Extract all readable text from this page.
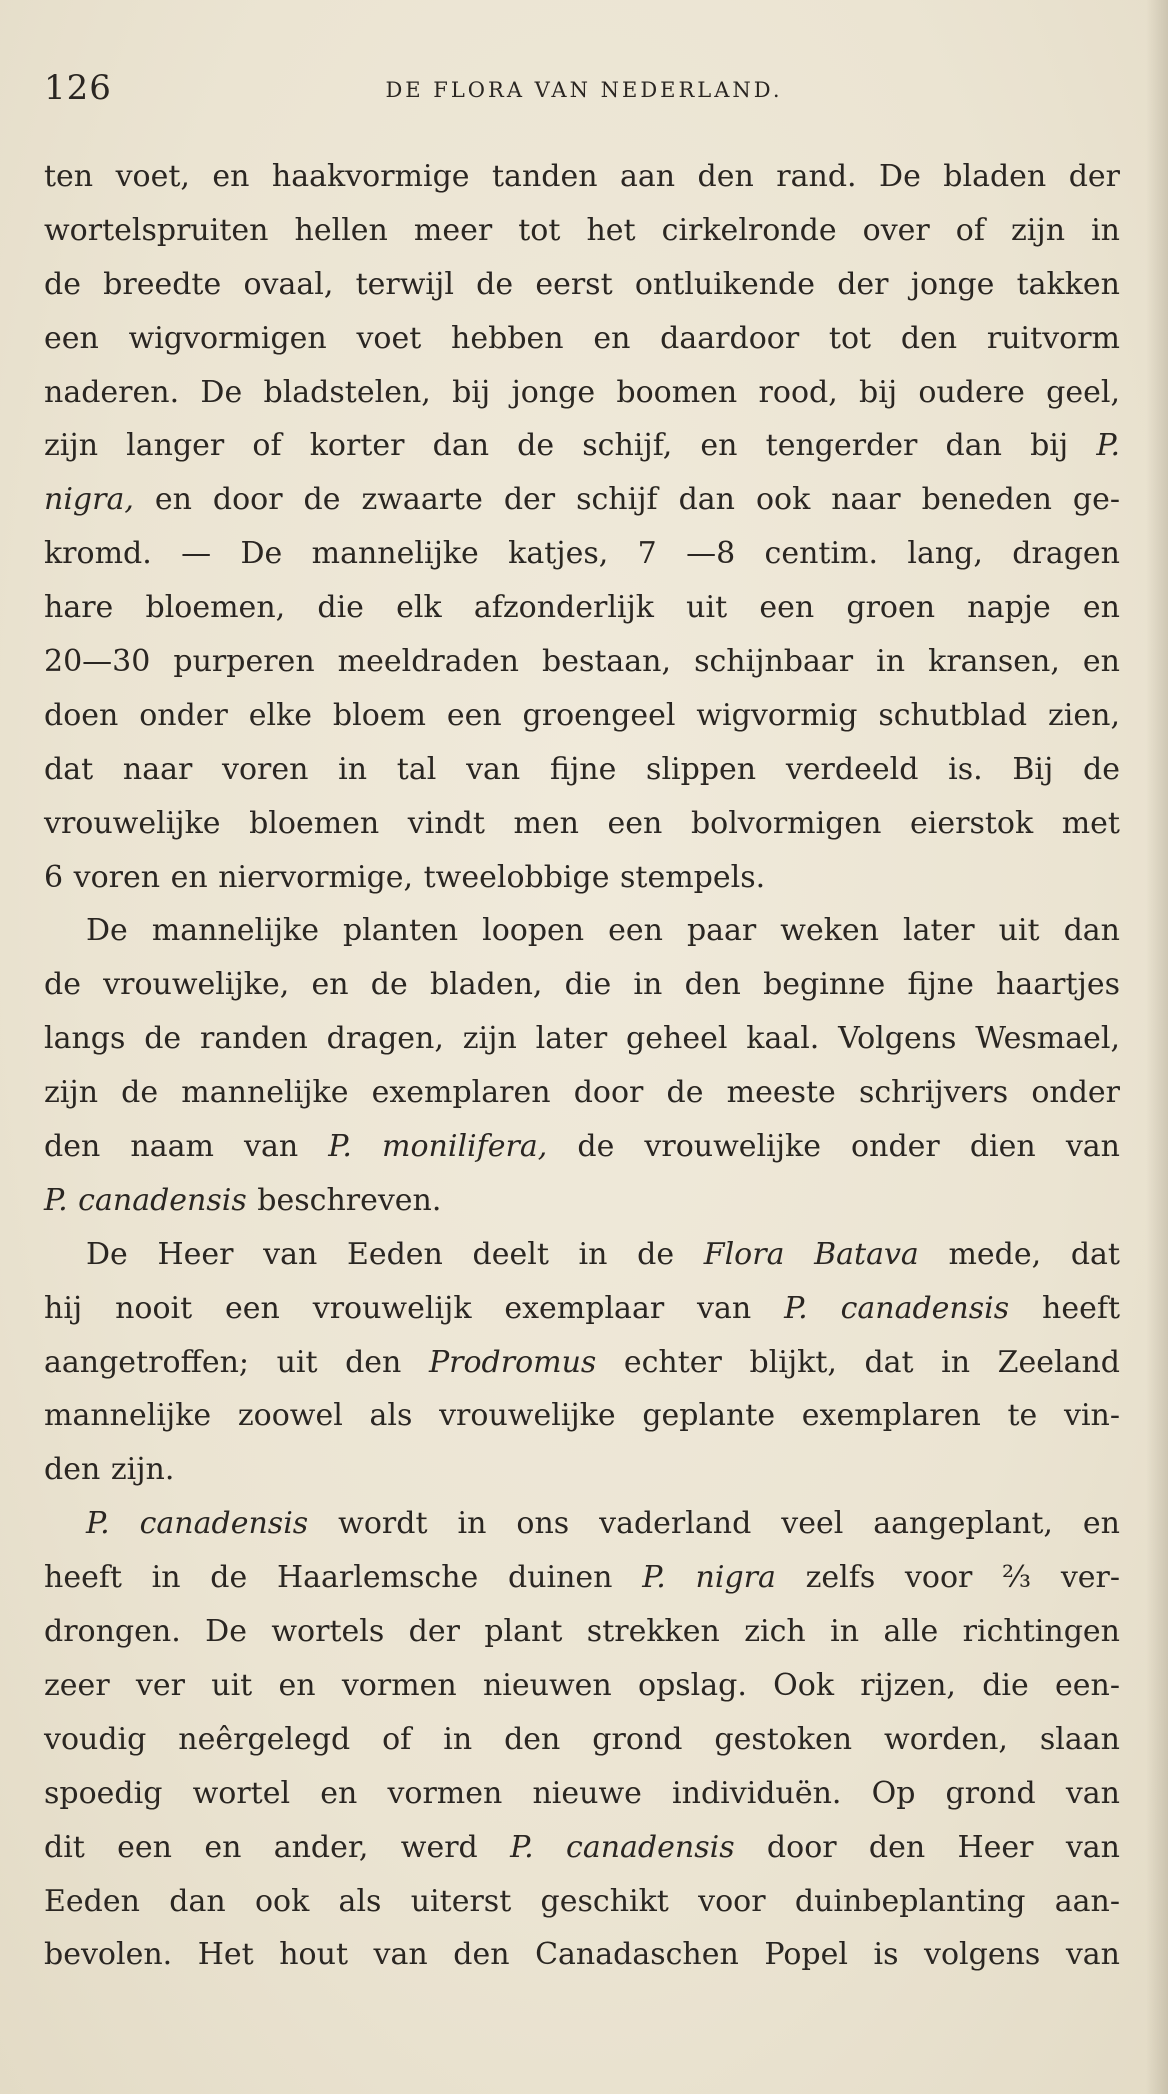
126	DE FLORA VAN NEDERLAND.
ten voet, en haakvormige tanden aan den rand. De bladen der
wortelspruiten hellen meer tot het cirkelronde over of zijn in
de breedte ovaal, terwijl de eerst ontluikende der jonge takken
een wigvormigen voet hebben en daardoor tot den ruitvorm
naderen. De bladstelen, bij jonge boomen rood, bij oudere geel,
zijn langer of korter dan de schijf, en tengerder dan bij P.
nigra, en door de zwaarte der schijf dan ook naar beneden ge-
kromd. — De mannelijke katjes, 7 —8 centim. lang, dragen
hare bloemen, die elk afzonderlijk uit een groen napje en
20—30 purperen meeldraden bestaan, schijnbaar in kransen, en
doen onder elke bloem een groengeel wigvormig schutblad zien,
dat naar voren in tal van fijne slippen verdeeld is. Bij de
vrouwelijke bloemen vindt men een bolvormigen eierstok met
6 voren en niervormige, tweelobbige stempels.
De mannelijke planten loopen een paar weken later uit dan
de vrouwelijke, en de bladen, die in den beginne fijne haartjes
langs de randen dragen, zijn later geheel kaal. Volgens Wesmael,
zijn de mannelijke exemplaren door de meeste schrijvers onder
den naam van P. monilifera, de vrouwelijke onder dien van
P. canadensis beschreven.
De Heer van Eeden deelt in de Flora Batava mede, dat
hij nooit een vrouwelijk exemplaar van P. canadensis heeft
aangetroffen; uit den Prodromus echter blijkt, dat in Zeeland
mannelijke zoowel als vrouwelijke geplante exemplaren te vin-
den zijn.
P. canadensis wordt in ons vaderland veel aangeplant, en
heeft in de Haarlemsche duinen P. nigra zelfs voor ⅔ ver-
drongen. De wortels der plant strekken zich in alle richtingen
zeer ver uit en vormen nieuwen opslag. Ook rijzen, die een-
voudig neêrgelegd of in den grond gestoken worden, slaan
spoedig wortel en vormen nieuwe individuën. Op grond van
dit een en ander, werd P. canadensis door den Heer van
Eeden dan ook als uiterst geschikt voor duinbeplanting aan-
bevolen. Het hout van den Canadaschen Popel is volgens van
